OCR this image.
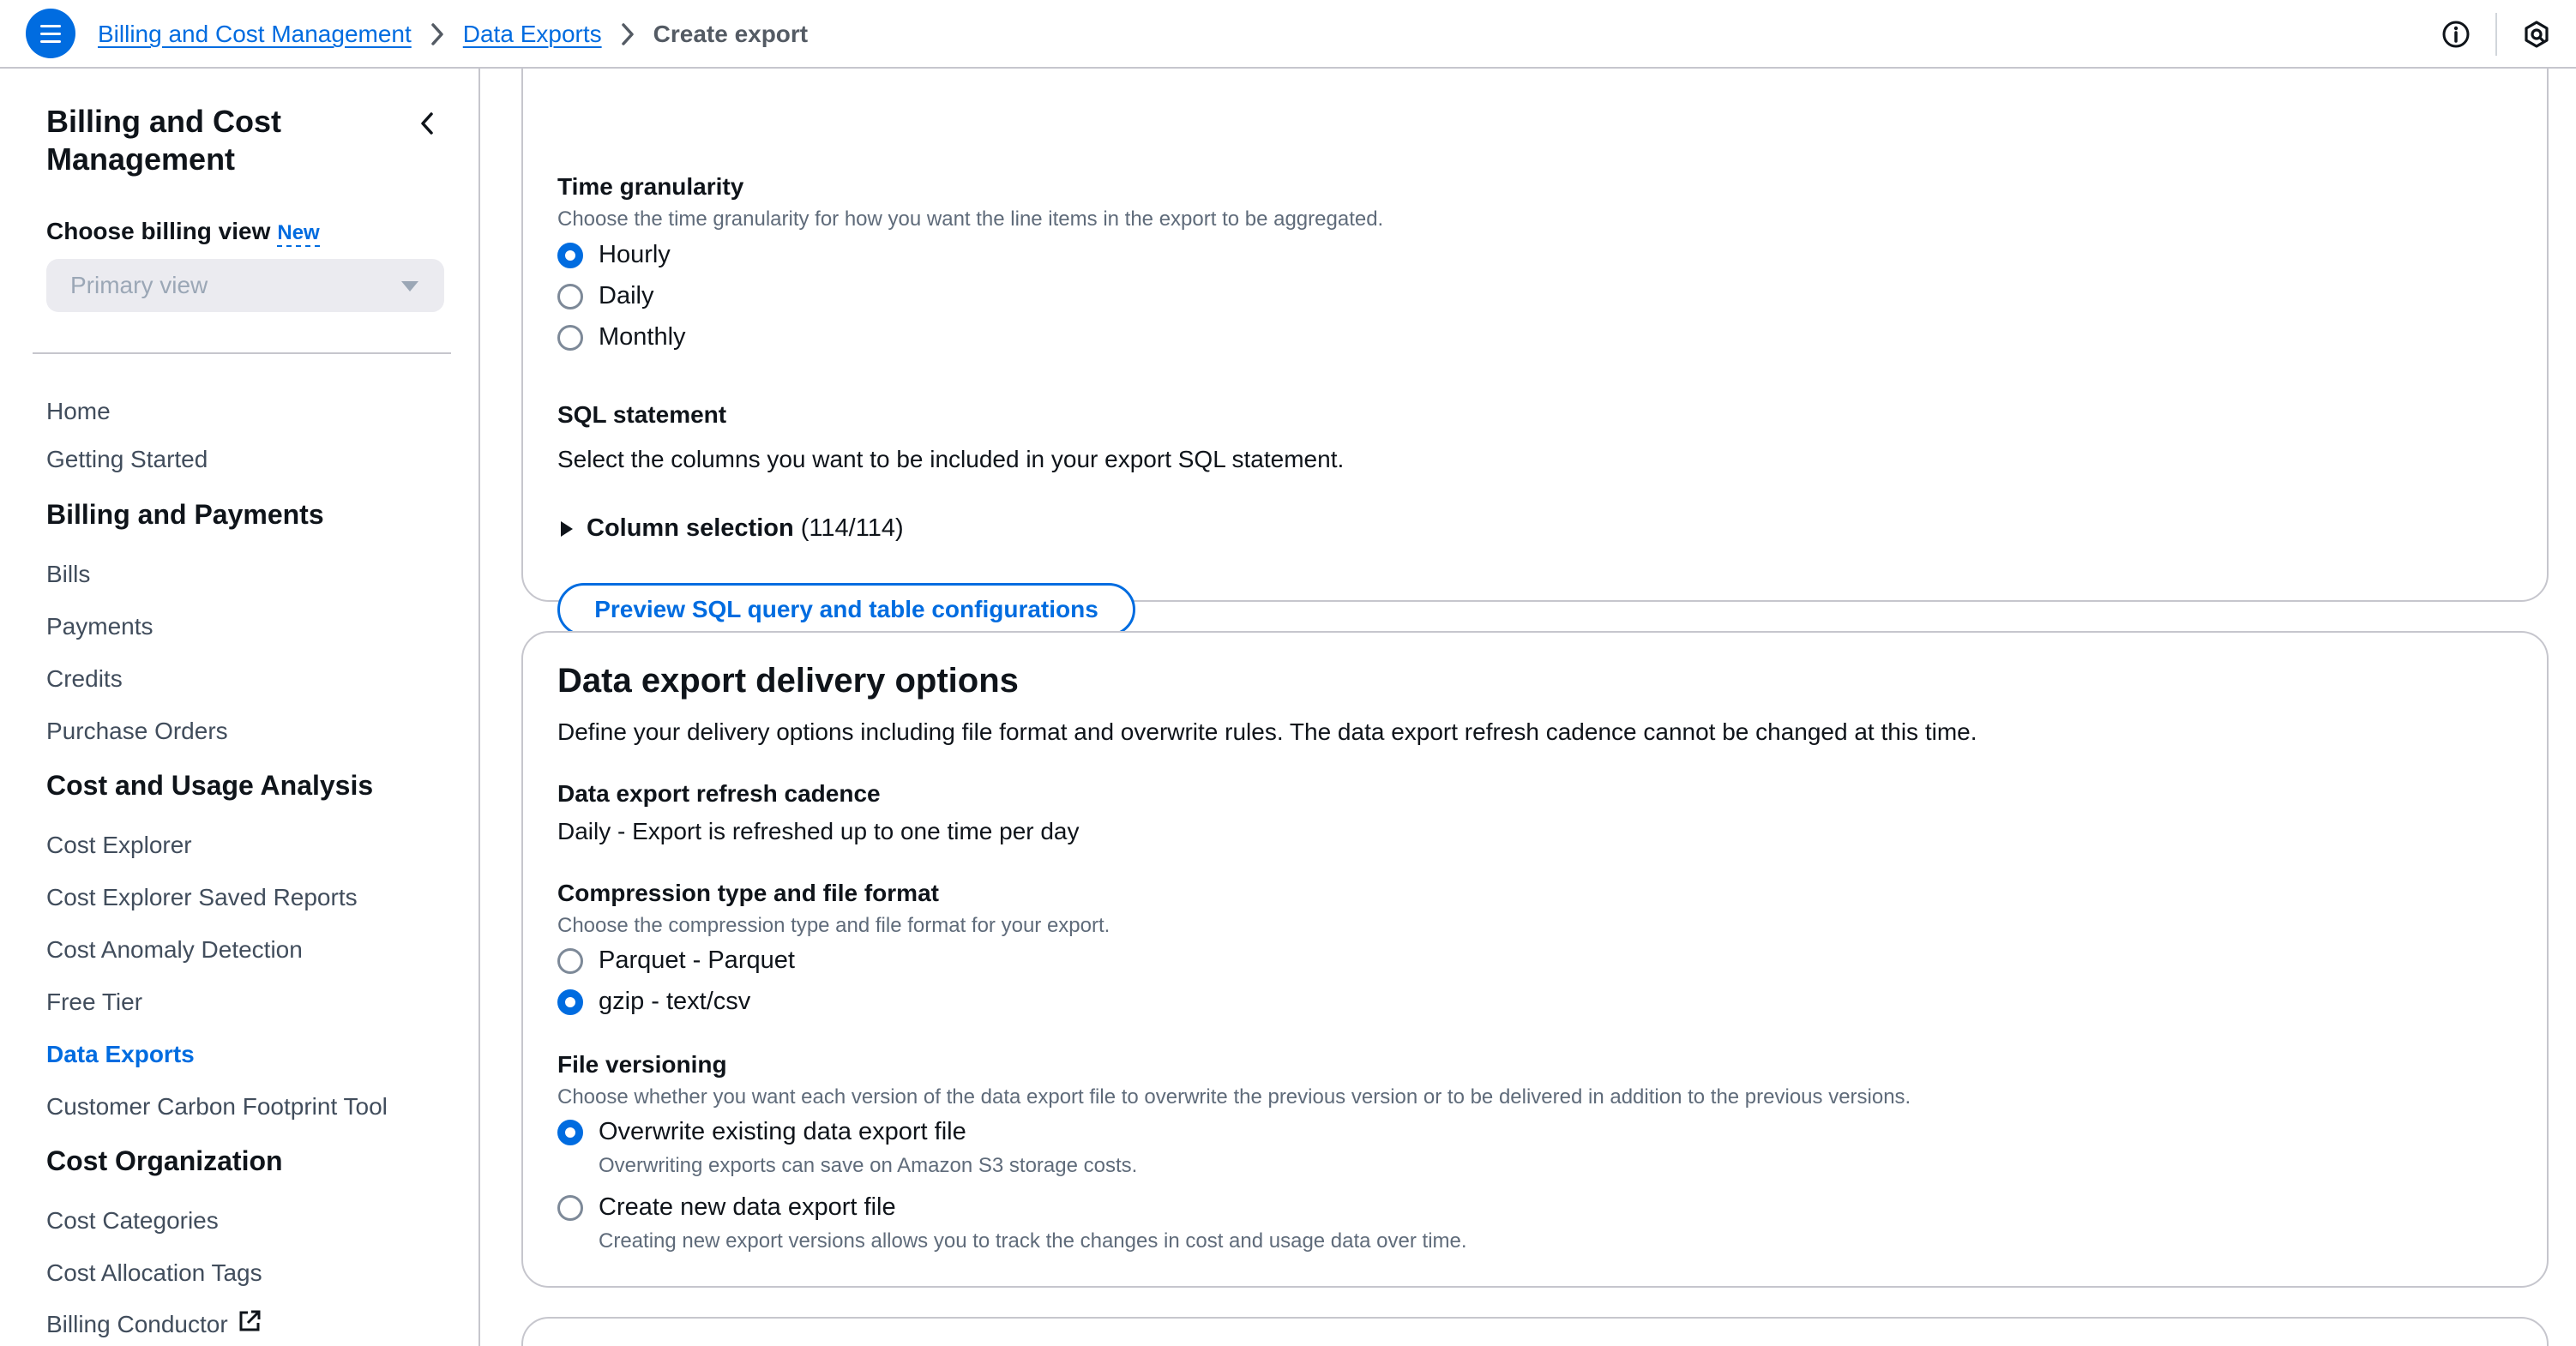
Billing and Cost Management Data Exports Create export
Billing and Cost Management
Choose billing view New
Primary view
Home
Getting Started
Billing and Payments
Bills
Payments
Credits
Purchase Orders
Cost and Usage Analysis
Cost Explorer
Cost Explorer Saved Reports
Cost Anomaly Detection
Free Tier
Data Exports
Customer Carbon Footprint Tool
Cost Organization
Cost Categories
Cost Allocation Tags
Billing Conductor
Time granularity
Choose the time granularity for how you want the line items in the export to be aggregated.
Hourly
Daily
Monthly
SQL statement
Select the columns you want to be included in your export SQL statement.
Column selection (114/114)
Preview SQL query and table configurations
Data export delivery options
Define your delivery options including file format and overwrite rules. The data export refresh cadence cannot be changed at this time.
Data export refresh cadence
Daily - Export is refreshed up to one time per day
Compression type and file format
Choose the compression type and file format for your export.
Parquet - Parquet
gzip - text/csv
File versioning
Choose whether you want each version of the data export file to overwrite the previous version or to be delivered in addition to the previous versions.
Overwrite existing data export file
Overwriting exports can save on Amazon S3 storage costs.
Create new data export file
Creating new export versions allows you to track the changes in cost and usage data over time.
